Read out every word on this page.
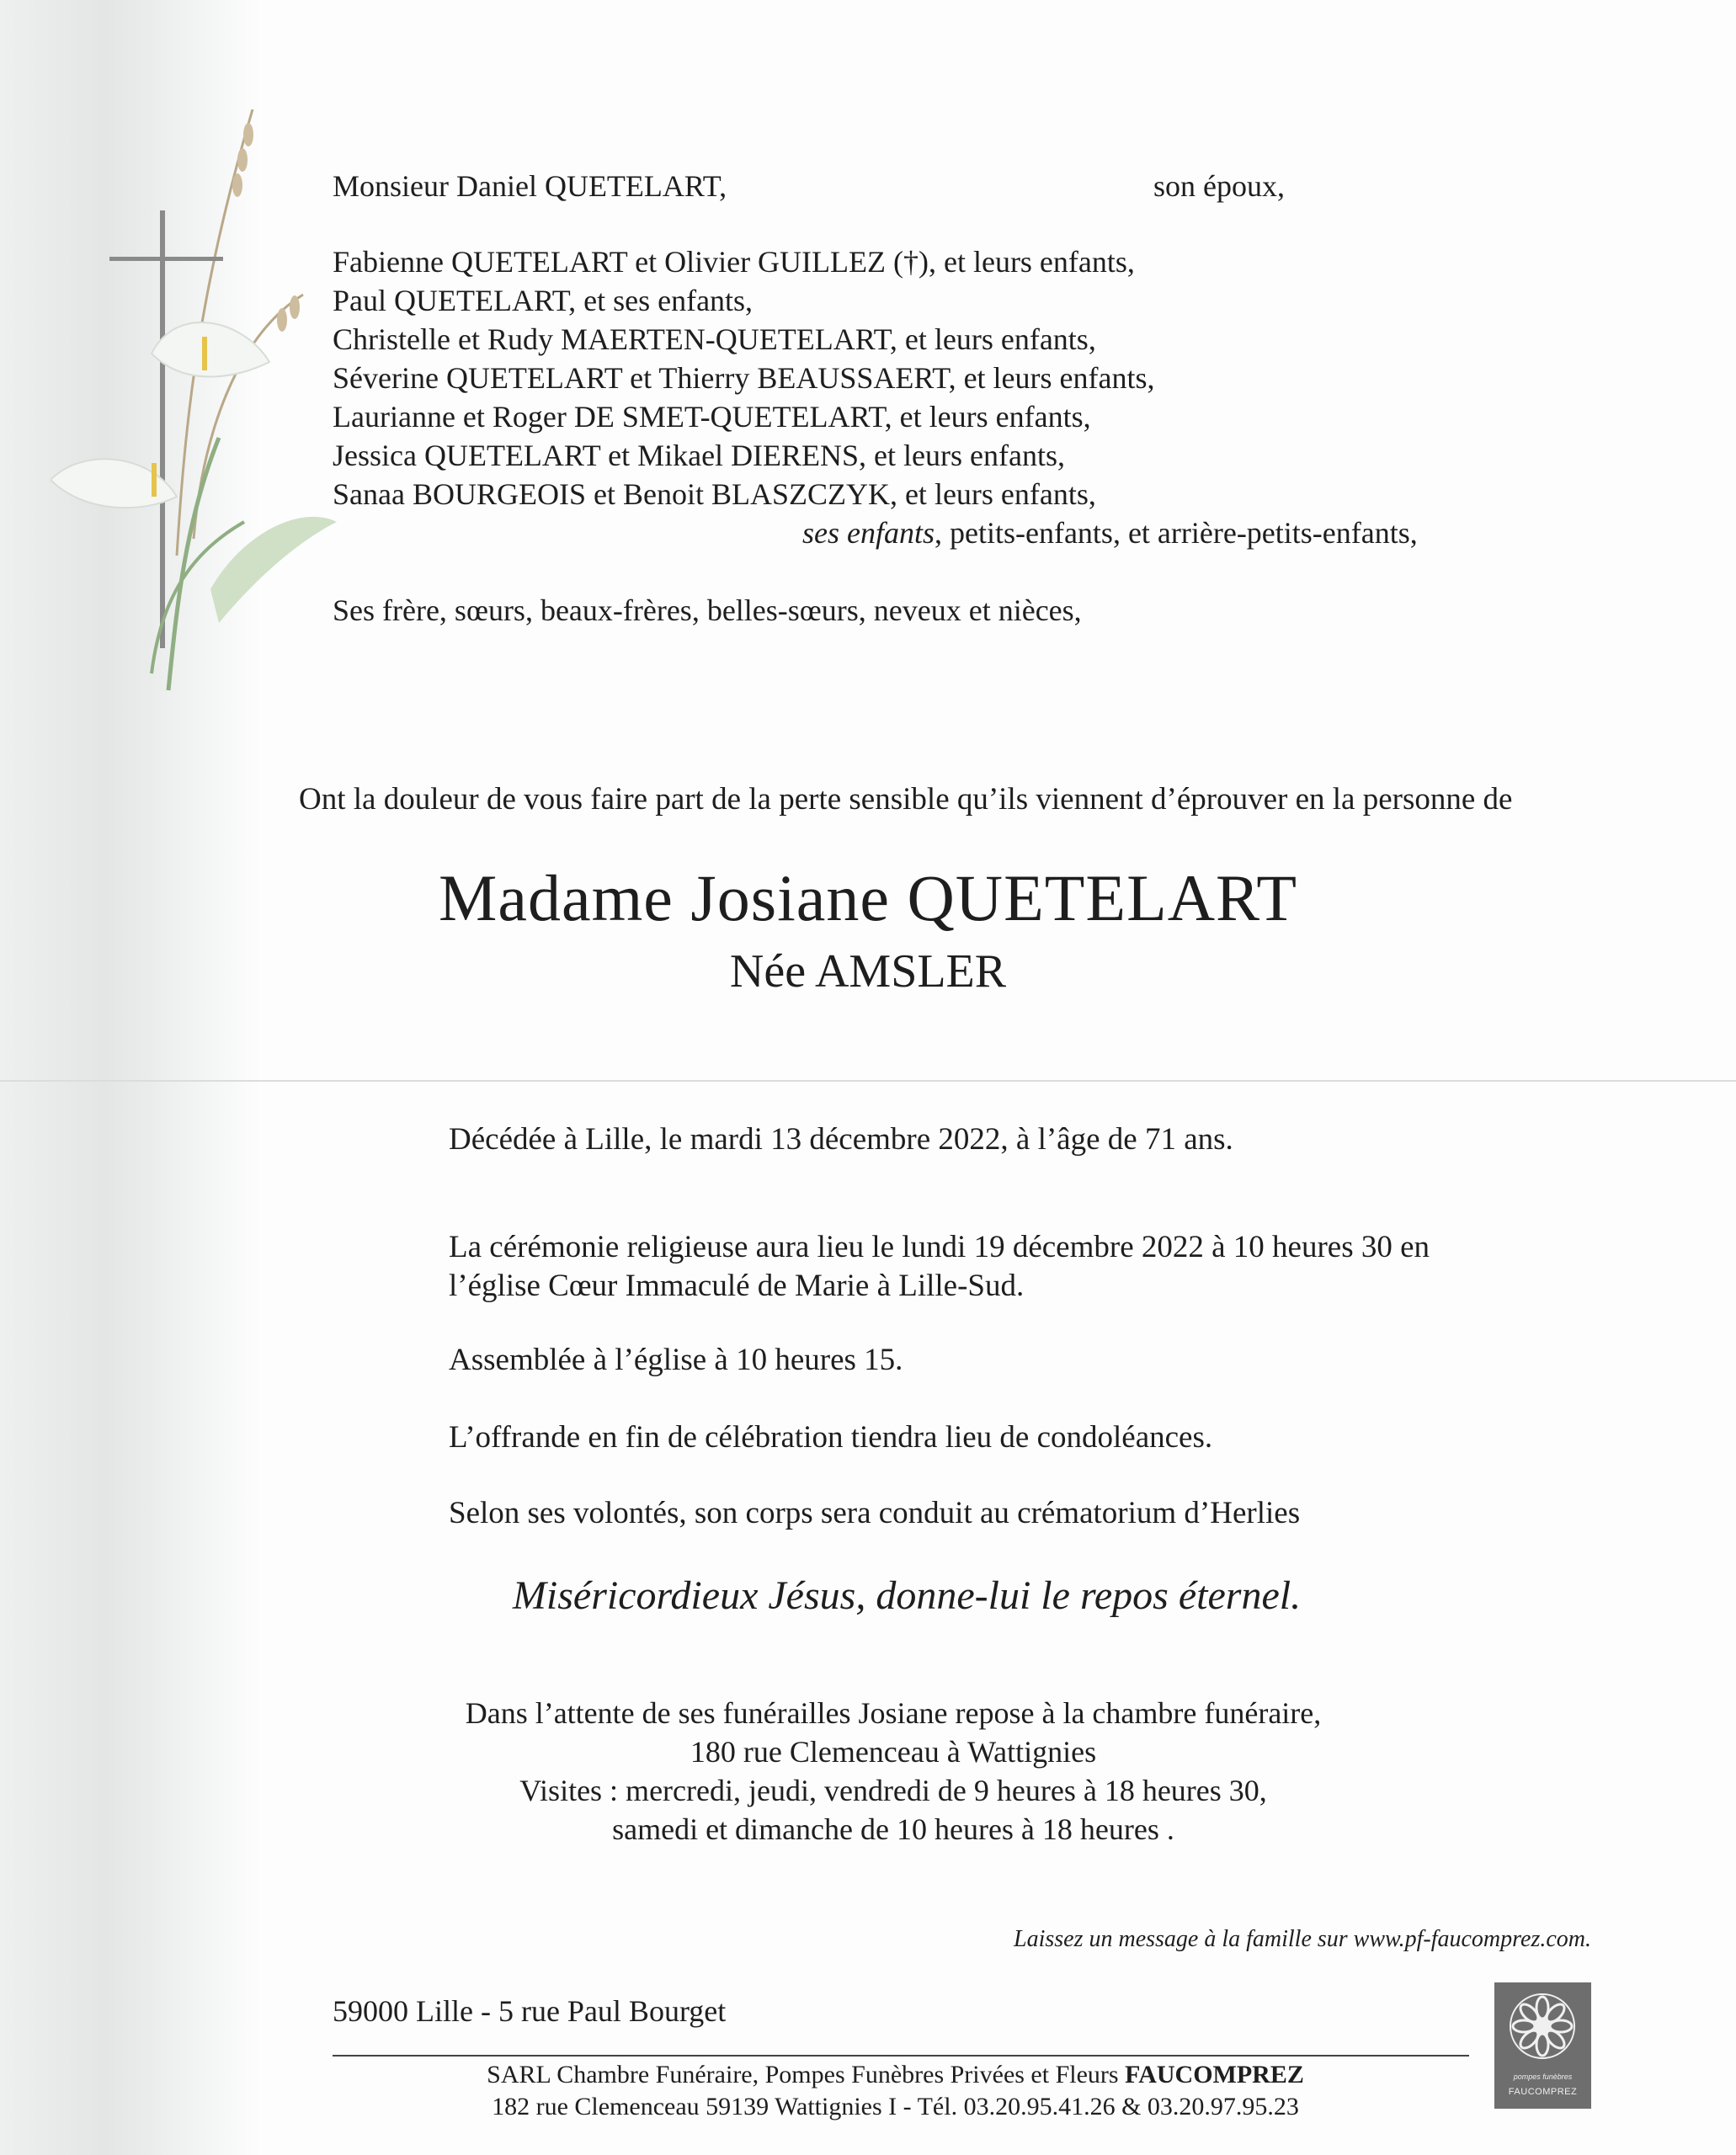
Monsieur Daniel QUETELART,	son époux,

Fabienne QUETELART et Olivier GUILLEZ (†), et leurs enfants,

Paul QUETELART, et ses enfants,

Christelle et Rudy MAERTEN-QUETELART, et leurs enfants,

Séverine QUETELART et Thierry BEAUSSAERT, et leurs enfants,

Laurianne et Roger DE SMET-QUETELART, et leurs enfants,

Jessica QUETELART et Mikael DIERENS, et leurs enfants,

Sanaa BOURGEOIS et Benoit BLASZCZYK, et leurs enfants,

ses enfants, petits-enfants, et arrière-petits-enfants,

Ses frère, sœurs, beaux-frères, belles-sœurs, neveux et nièces,

Ont la douleur de vous faire part de la perte sensible qu’ils viennent d’éprouver en la personne de

Madame Josiane QUETELART

Née AMSLER

Décédée à Lille, le mardi 13 décembre 2022, à l’âge de 71 ans.

La cérémonie religieuse aura lieu le lundi 19 décembre 2022 à 10 heures 30 en

l’église Cœur Immaculé de Marie à Lille-Sud.

Assemblée à l’église à 10 heures 15.

L’offrande en fin de célébration tiendra lieu de condoléances.

Selon ses volontés, son corps sera conduit au crématorium d’Herlies

Miséricordieux Jésus, donne-lui le repos éternel.

Dans l’attente de ses funérailles Josiane repose à la chambre funéraire,
180 rue Clemenceau à Wattignies
Visites : mercredi, jeudi, vendredi de 9 heures à 18 heures 30,
samedi et dimanche de 10 heures à 18 heures .

Laissez un message à la famille sur www.pf-faucomprez.com.

59000 Lille - 5 rue Paul Bourget

SARL Chambre Funéraire, Pompes Funèbres Privées et Fleurs FAUCOMPREZ
182 rue Clemenceau 59139 Wattignies I - Tél. 03.20.95.41.26 & 03.20.97.95.23
pompes funèbres
FAUCOMPREZ
